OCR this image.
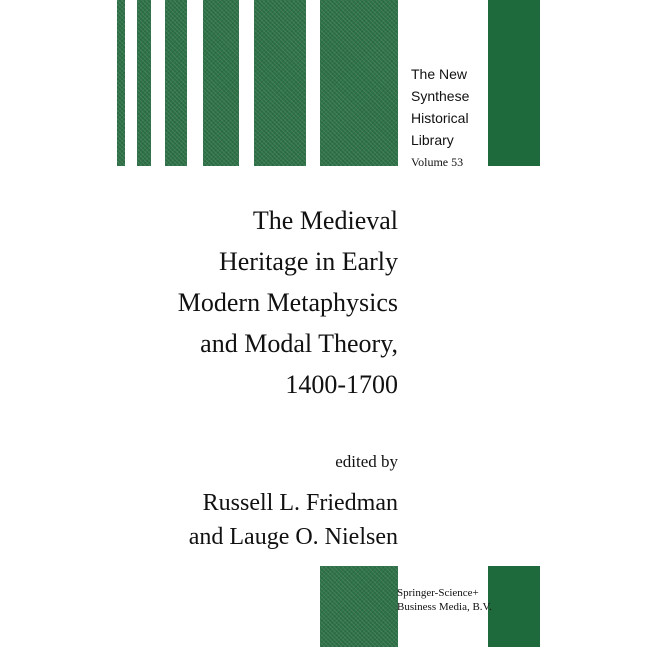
The New
Synthese
Historical
Library
Volume 53
The Medieval
Heritage in Early
Modern Metaphysics
and Modal Theory,
1400-1700
edited by
Russell L. Friedman
and Lauge O. Nielsen
Springer-Science+
Business Media, B.V.
